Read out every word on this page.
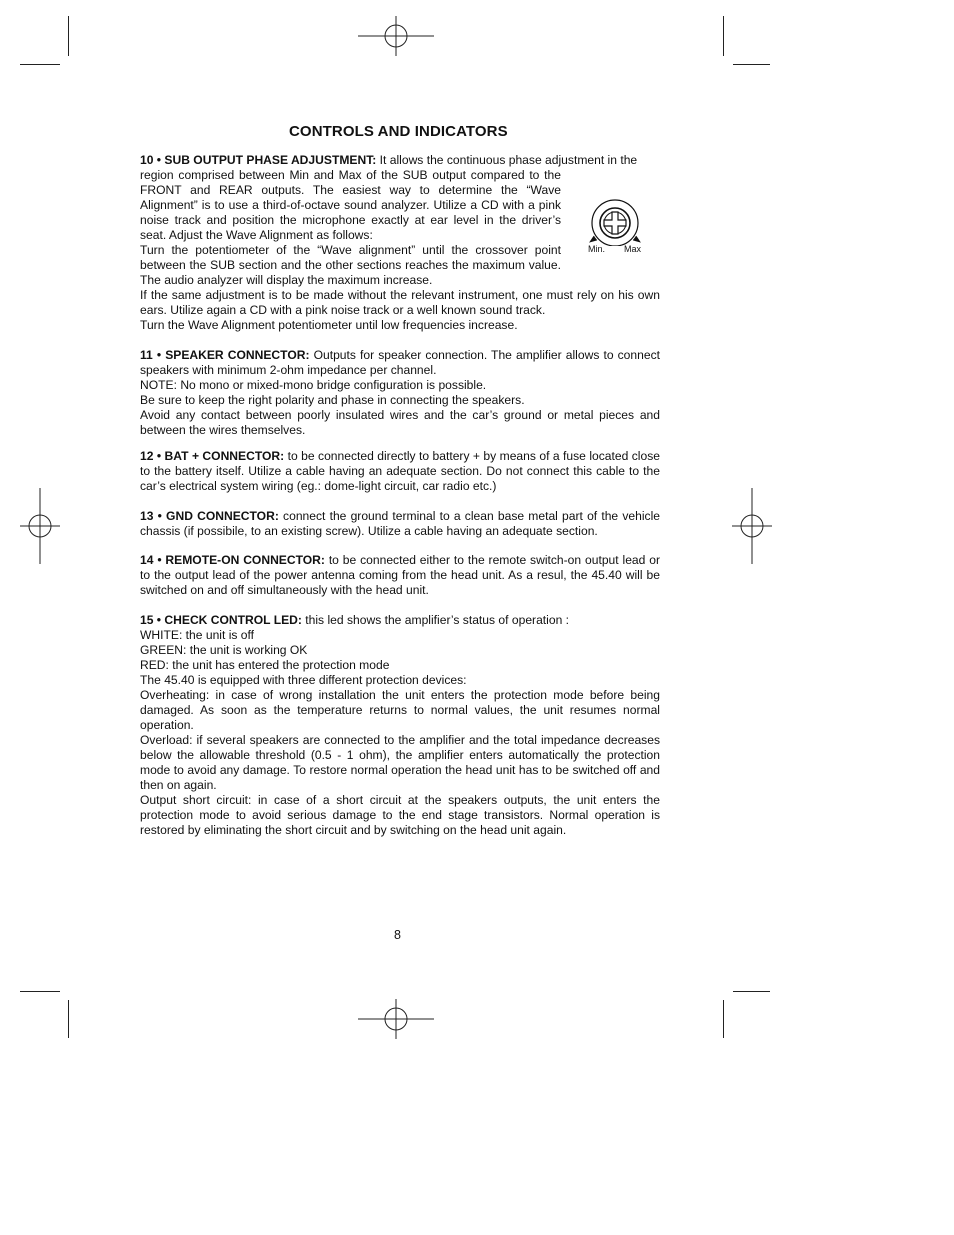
CONTROLS AND INDICATORS

10 • SUB OUTPUT PHASE ADJUSTMENT: It allows the continuous phase adjustment in the

region comprised between Min and Max of the SUB output compared to the FRONT and REAR outputs. The easiest way to determine the “Wave Alignment” is to use a third-of-octave sound analyzer. Utilize a CD with a pink noise track and position the microphone exactly at ear level in the driver’s seat. Adjust the Wave Alignment as follows:

Turn the potentiometer of the “Wave alignment” until the crossover point between the SUB section and the other sections reaches the maximum value. The audio analyzer will display the maximum increase.

If the same adjustment is to be made without the relevant instrument, one must rely on his own ears. Utilize again a CD with a pink noise track or a well known sound track.

Turn the Wave Alignment potentiometer until low frequencies increase.

Min. Max

11 • SPEAKER CONNECTOR: Outputs for speaker connection. The amplifier allows to connect speakers with minimum 2-ohm impedance per channel.

NOTE: No mono or mixed-mono bridge configuration is possible.

Be sure to keep the right polarity and phase in connecting the speakers.

Avoid any contact between poorly insulated wires and the car’s ground or metal pieces and between the wires themselves.

12 • BAT + CONNECTOR: to be connected directly to battery + by means of a fuse located close to the battery itself. Utilize a cable having an adequate section. Do not connect this cable to the car’s electrical system wiring (eg.: dome-light circuit, car radio etc.)

13 • GND CONNECTOR: connect the ground terminal to a clean base metal part of the vehicle chassis (if possibile, to an existing screw). Utilize a cable having an adequate section.

14 • REMOTE-ON CONNECTOR: to be connected either to the remote switch-on output lead or to the output lead of the power antenna coming from the head unit. As a resul, the 45.40 will be switched on and off simultaneously with the head unit.

15 • CHECK CONTROL LED: this led shows the amplifier’s status of operation :

WHITE: the unit is off

GREEN: the unit is working OK

RED: the unit has entered the protection mode

The 45.40 is equipped with three different protection devices:

Overheating: in case of wrong installation the unit enters the protection mode before being damaged. As soon as the temperature returns to normal values, the unit resumes normal operation.

Overload: if several speakers are connected to the amplifier and the total impedance decreases below the allowable threshold (0.5 - 1 ohm), the amplifier enters automatically the protection mode to avoid any damage. To restore normal operation the head unit has to be switched off and then on again.

Output short circuit: in case of a short circuit at the speakers outputs, the unit enters the protection mode to avoid serious damage to the end stage transistors. Normal operation is restored by eliminating the short circuit and by switching on the head unit again.

8
